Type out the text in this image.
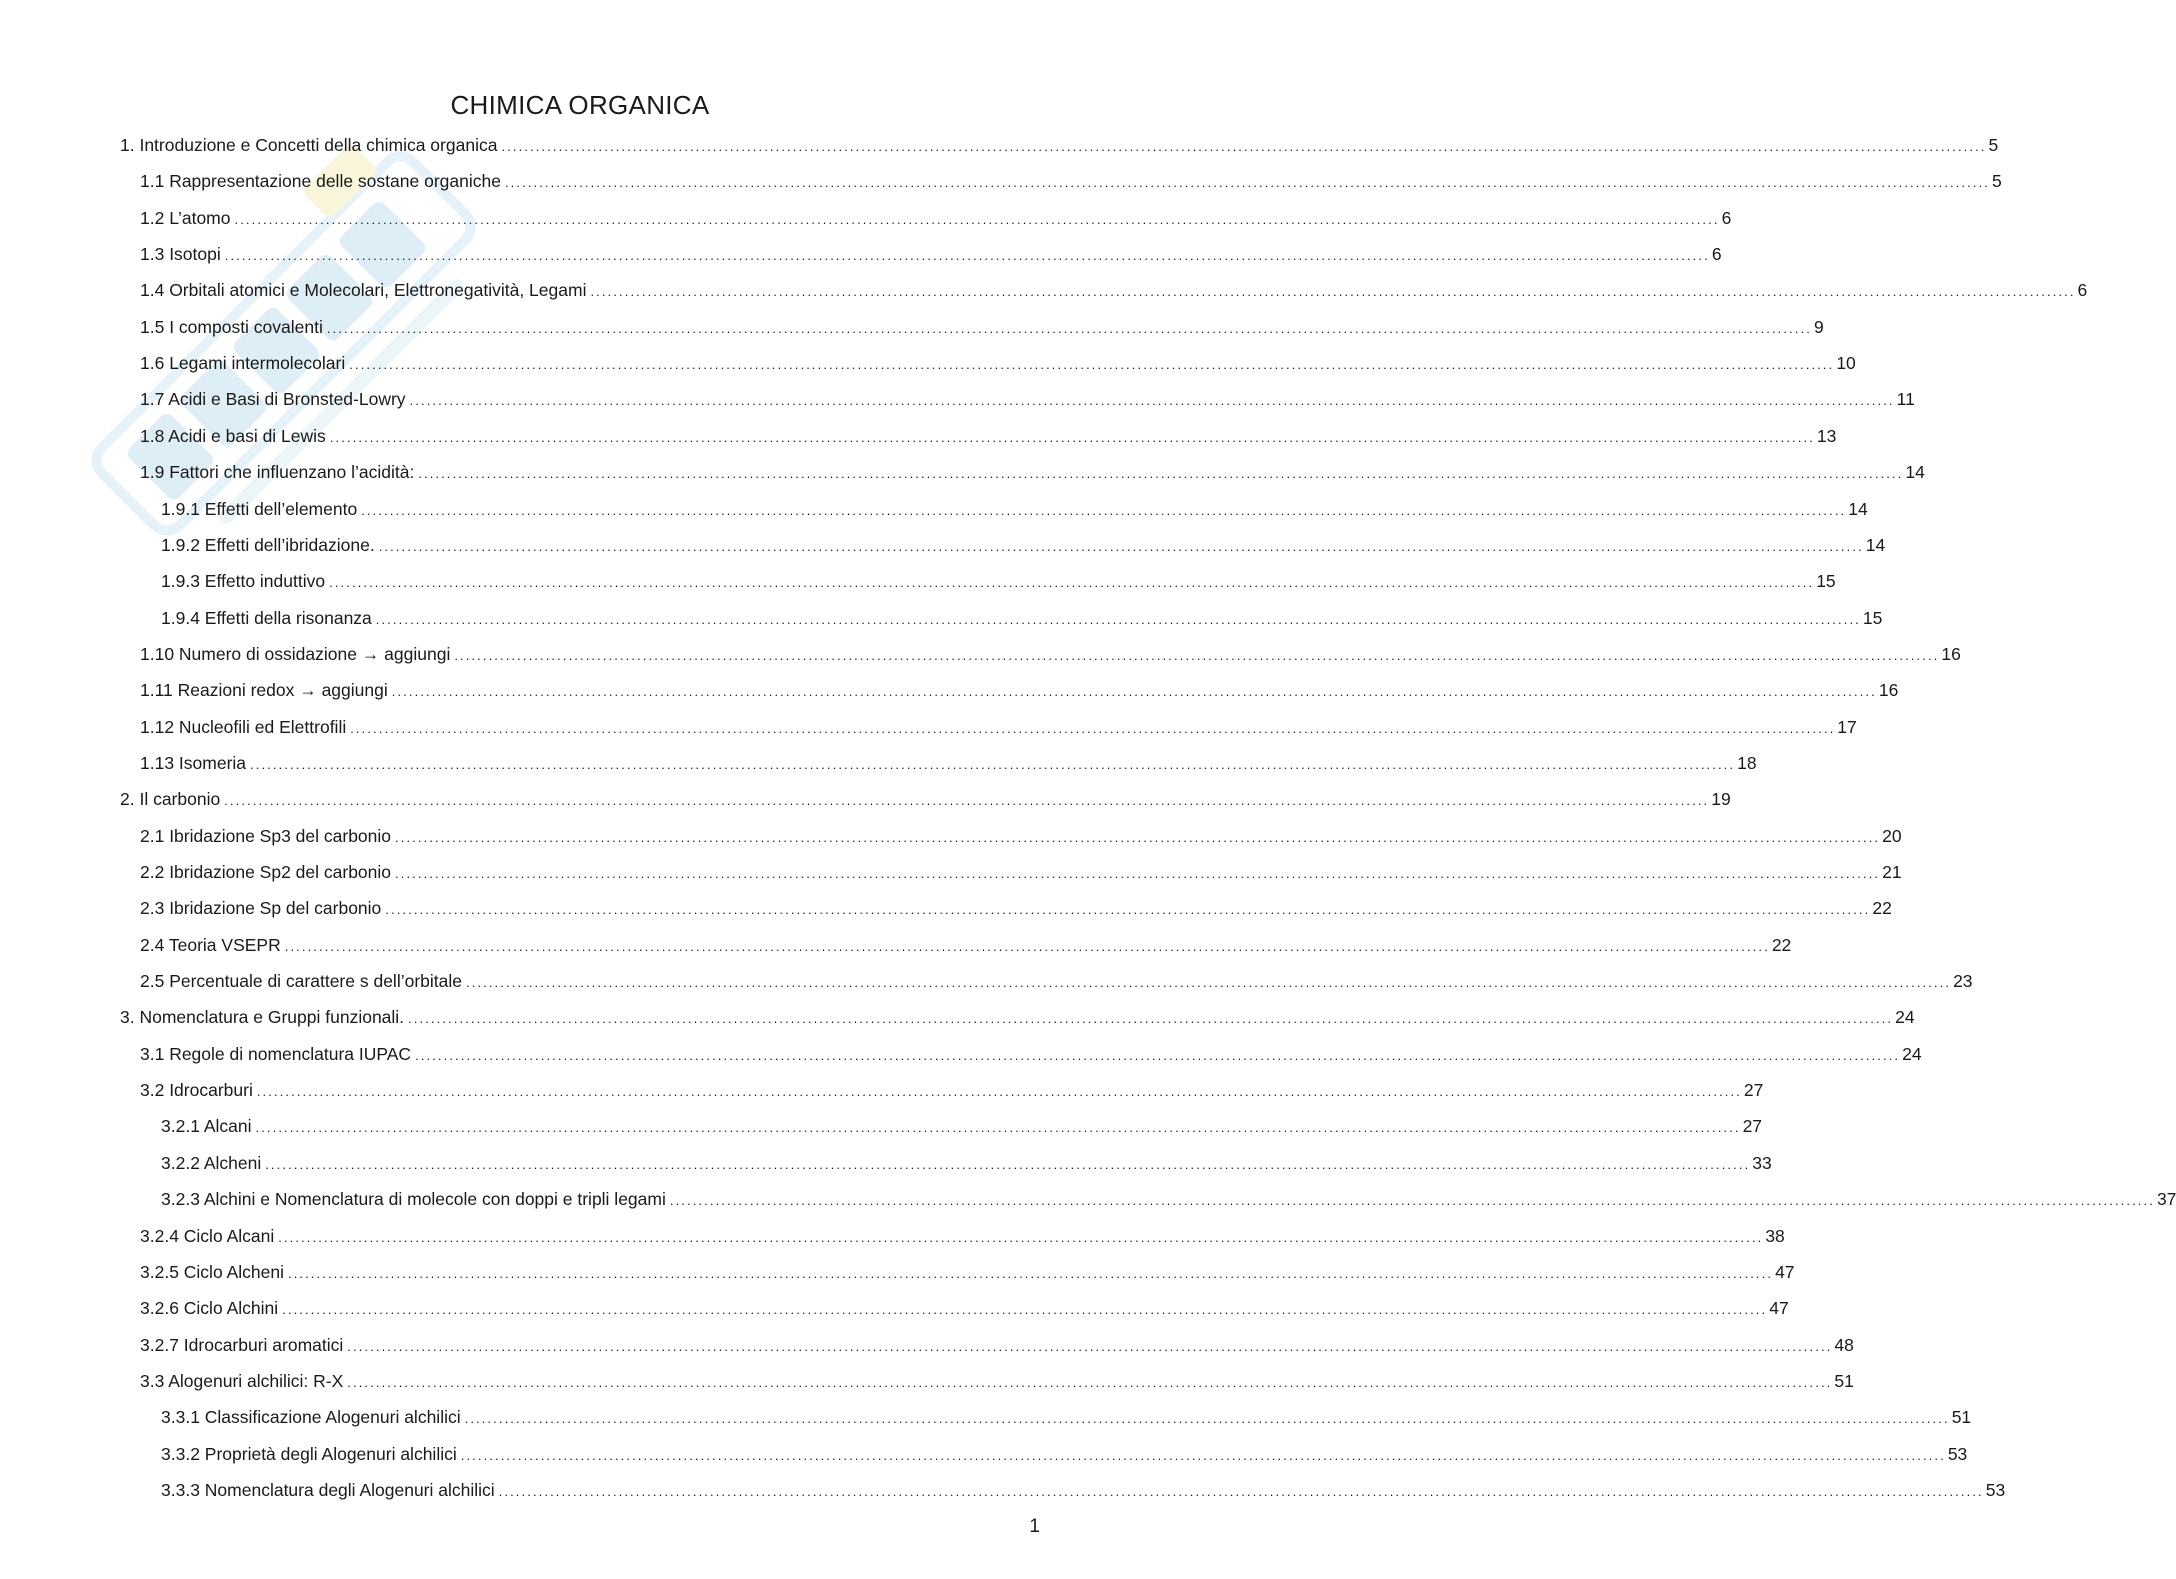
CHIMICA ORGANICA
1. Introduzione e Concetti della chimica organica .................................................................................................................................................................................................................................................................... 5
1.1 Rappresentazione delle sostane organiche .................................................................................................................................................................................................................................................................... 5
1.2 L’atomo .................................................................................................................................................................................................................................................................... 6
1.3 Isotopi .................................................................................................................................................................................................................................................................... 6
1.4 Orbitali atomici e Molecolari, Elettronegatività, Legami .................................................................................................................................................................................................................................................................... 6
1.5 I composti covalenti .................................................................................................................................................................................................................................................................... 9
1.6 Legami intermolecolari .................................................................................................................................................................................................................................................................... 10
1.7 Acidi e Basi di Bronsted-Lowry .................................................................................................................................................................................................................................................................... 11
1.8 Acidi e basi di Lewis .................................................................................................................................................................................................................................................................... 13
1.9 Fattori che influenzano l’acidità: .................................................................................................................................................................................................................................................................... 14
1.9.1 Effetti dell’elemento .................................................................................................................................................................................................................................................................... 14
1.9.2 Effetti dell’ibridazione. .................................................................................................................................................................................................................................................................... 14
1.9.3 Effetto induttivo .................................................................................................................................................................................................................................................................... 15
1.9.4 Effetti della risonanza .................................................................................................................................................................................................................................................................... 15
1.10 Numero di ossidazione → aggiungi .................................................................................................................................................................................................................................................................... 16
1.11 Reazioni redox → aggiungi .................................................................................................................................................................................................................................................................... 16
1.12 Nucleofili ed Elettrofili .................................................................................................................................................................................................................................................................... 17
1.13 Isomeria .................................................................................................................................................................................................................................................................... 18
2. Il carbonio .................................................................................................................................................................................................................................................................... 19
2.1 Ibridazione Sp3 del carbonio .................................................................................................................................................................................................................................................................... 20
2.2 Ibridazione Sp2 del carbonio .................................................................................................................................................................................................................................................................... 21
2.3 Ibridazione Sp del carbonio .................................................................................................................................................................................................................................................................... 22
2.4 Teoria VSEPR .................................................................................................................................................................................................................................................................... 22
2.5 Percentuale di carattere s dell’orbitale .................................................................................................................................................................................................................................................................... 23
3. Nomenclatura e Gruppi funzionali. .................................................................................................................................................................................................................................................................... 24
3.1 Regole di nomenclatura IUPAC .................................................................................................................................................................................................................................................................... 24
3.2 Idrocarburi .................................................................................................................................................................................................................................................................... 27
3.2.1 Alcani .................................................................................................................................................................................................................................................................... 27
3.2.2 Alcheni .................................................................................................................................................................................................................................................................... 33
3.2.3 Alchini e Nomenclatura di molecole con doppi e tripli legami .................................................................................................................................................................................................................................................................... 37
3.2.4 Ciclo Alcani .................................................................................................................................................................................................................................................................... 38
3.2.5 Ciclo Alcheni .................................................................................................................................................................................................................................................................... 47
3.2.6 Ciclo Alchini .................................................................................................................................................................................................................................................................... 47
3.2.7 Idrocarburi aromatici .................................................................................................................................................................................................................................................................... 48
3.3 Alogenuri alchilici: R-X .................................................................................................................................................................................................................................................................... 51
3.3.1 Classificazione Alogenuri alchilici .................................................................................................................................................................................................................................................................... 51
3.3.2 Proprietà degli Alogenuri alchilici .................................................................................................................................................................................................................................................................... 53
3.3.3 Nomenclatura degli Alogenuri alchilici .................................................................................................................................................................................................................................................................... 53
1
